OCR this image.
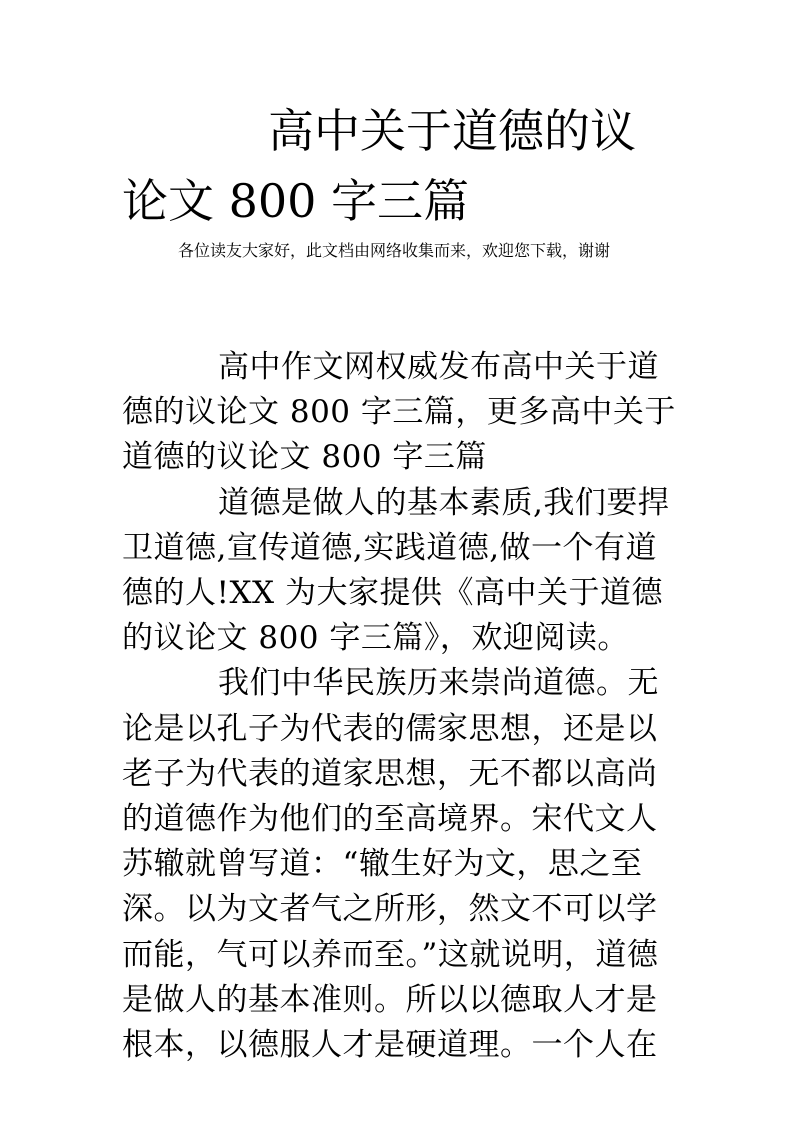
高中关于道德的议论文 800 字三篇

各位读友大家好，此文档由网络收集而来，欢迎您下载，谢谢

高中作文网权威发布高中关于道德的议论文 800 字三篇，更多高中关于道德的议论文 800 字三篇

道德是做人的基本素质,我们要捍卫道德,宣传道德,实践道德,做一个有道德的人!XX 为大家提供《高中关于道德的议论文 800 字三篇》，欢迎阅读。

我们中华民族历来崇尚道德。无论是以孔子为代表的儒家思想，还是以老子为代表的道家思想，无不都以高尚的道德作为他们的至高境界。宋代文人苏辙就曾写道：“辙生好为文，思之至深。以为文者气之所形，然文不可以学而能，气可以养而至。”这就说明，道德是做人的基本准则。所以以德取人才是根本，以德服人才是硬道理。一个人在
